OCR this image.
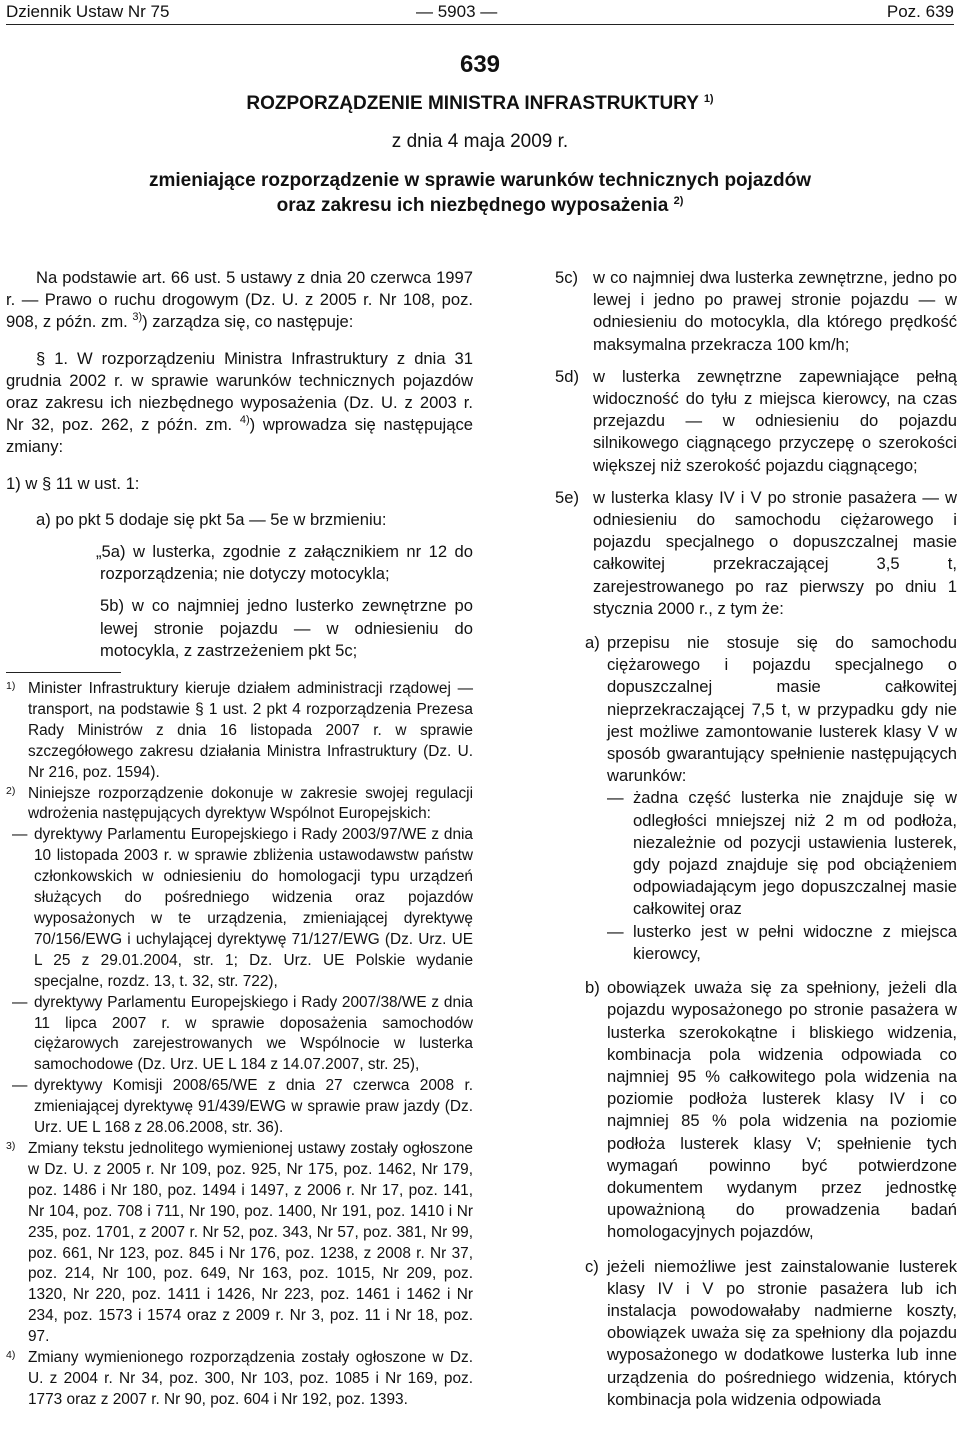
Dziennik Ustaw Nr 75	— 5903 —	Poz. 639
639
ROZPORZĄDZENIE MINISTRA INFRASTRUKTURY $^{1)}$
z dnia 4 maja 2009 r.
zmieniające rozporządzenie w sprawie warunków technicznych pojazdów
oraz zakresu ich niezbędnego wyposażenia $^{2)}$

Na podstawie art. 66 ust. 5 ustawy z dnia 20 czerwca 1997 r. — Prawo o ruchu drogowym (Dz. U. z 2005 r. Nr 108, poz. 908, z późn. zm. $^{3)}$) zarządza się, co następuje:

§ 1. W rozporządzeniu Ministra Infrastruktury z dnia 31 grudnia 2002 r. w sprawie warunków technicznych pojazdów oraz zakresu ich niezbędnego wyposażenia (Dz. U. z 2003 r. Nr 32, poz. 262, z późn. zm. $^{4)}$) wprowadza się następujące zmiany:

1) w § 11 w ust. 1:

a) po pkt 5 dodaje się pkt 5a — 5e w brzmieniu:

„5a) w lusterka, zgodnie z załącznikiem nr 12 do rozporządzenia; nie dotyczy motocykla;

5b) w co najmniej jedno lusterko zewnętrzne po lewej stronie pojazdu — w odniesieniu do motocykla, z zastrzeżeniem pkt 5c;

1) Minister Infrastruktury kieruje działem administracji rządowej — transport, na podstawie § 1 ust. 2 pkt 4 rozporządzenia Prezesa Rady Ministrów z dnia 16 listopada 2007 r. w sprawie szczegółowego zakresu działania Ministra Infrastruktury (Dz. U. Nr 216, poz. 1594).
2) Niniejsze rozporządzenie dokonuje w zakresie swojej regulacji wdrożenia następujących dyrektyw Wspólnot Europejskich:
— dyrektywy Parlamentu Europejskiego i Rady 2003/97/WE z dnia 10 listopada 2003 r. w sprawie zbliżenia ustawodawstw państw członkowskich w odniesieniu do homologacji typu urządzeń służących do pośredniego widzenia oraz pojazdów wyposażonych w te urządzenia, zmieniającej dyrektywę 70/156/EWG i uchylającej dyrektywę 71/127/EWG (Dz. Urz. UE L 25 z 29.01.2004, str. 1; Dz. Urz. UE Polskie wydanie specjalne, rozdz. 13, t. 32, str. 722),
— dyrektywy Parlamentu Europejskiego i Rady 2007/38/WE z dnia 11 lipca 2007 r. w sprawie doposażenia samochodów ciężarowych zarejestrowanych we Wspólnocie w lusterka samochodowe (Dz. Urz. UE L 184 z 14.07.2007, str. 25),
— dyrektywy Komisji 2008/65/WE z dnia 27 czerwca 2008 r. zmieniającej dyrektywę 91/439/EWG w sprawie praw jazdy (Dz. Urz. UE L 168 z 28.06.2008, str. 36).
3) Zmiany tekstu jednolitego wymienionej ustawy zostały ogłoszone w Dz. U. z 2005 r. Nr 109, poz. 925, Nr 175, poz. 1462, Nr 179, poz. 1486 i Nr 180, poz. 1494 i 1497, z 2006 r. Nr 17, poz. 141, Nr 104, poz. 708 i 711, Nr 190, poz. 1400, Nr 191, poz. 1410 i Nr 235, poz. 1701, z 2007 r. Nr 52, poz. 343, Nr 57, poz. 381, Nr 99, poz. 661, Nr 123, poz. 845 i Nr 176, poz. 1238, z 2008 r. Nr 37, poz. 214, Nr 100, poz. 649, Nr 163, poz. 1015, Nr 209, poz. 1320, Nr 220, poz. 1411 i 1426, Nr 223, poz. 1461 i 1462 i Nr 234, poz. 1573 i 1574 oraz z 2009 r. Nr 3, poz. 11 i Nr 18, poz. 97.
4) Zmiany wymienionego rozporządzenia zostały ogłoszone w Dz. U. z 2004 r. Nr 34, poz. 300, Nr 103, poz. 1085 i Nr 169, poz. 1773 oraz z 2007 r. Nr 90, poz. 604 i Nr 192, poz. 1393.
5c) w co najmniej dwa lusterka zewnętrzne, jedno po lewej i jedno po prawej stronie pojazdu — w odniesieniu do motocykla, dla którego prędkość maksymalna przekracza 100 km/h;
5d) w lusterka zewnętrzne zapewniające pełną widoczność do tyłu z miejsca kierowcy, na czas przejazdu — w odniesieniu do pojazdu silnikowego ciągnącego przyczepę o szerokości większej niż szerokość pojazdu ciągnącego;
5e) w lusterka klasy IV i V po stronie pasażera — w odniesieniu do samochodu ciężarowego i pojazdu specjalnego o dopuszczalnej masie całkowitej przekraczającej 3,5 t, zarejestrowanego po raz pierwszy po dniu 1 stycznia 2000 r., z tym że:
a) przepisu nie stosuje się do samochodu ciężarowego i pojazdu specjalnego o dopuszczalnej masie całkowitej nieprzekraczającej 7,5 t, w przypadku gdy nie jest możliwe zamontowanie lusterek klasy V w sposób gwarantujący spełnienie następujących warunków:
— żadna część lusterka nie znajduje się w odległości mniejszej niż 2 m od podłoża, niezależnie od pozycji ustawienia lusterek, gdy pojazd znajduje się pod obciążeniem odpowiadającym jego dopuszczalnej masie całkowitej oraz
— lusterko jest w pełni widoczne z miejsca kierowcy,
b) obowiązek uważa się za spełniony, jeżeli dla pojazdu wyposażonego po stronie pasażera w lusterka szerokokątne i bliskiego widzenia, kombinacja pola widzenia odpowiada co najmniej 95 % całkowitego pola widzenia na poziomie podłoża lusterek klasy IV i co najmniej 85 % pola widzenia na poziomie podłoża lusterek klasy V; spełnienie tych wymagań powinno być potwierdzone dokumentem wydanym przez jednostkę upoważnioną do prowadzenia badań homologacyjnych pojazdów,
c) jeżeli niemożliwe jest zainstalowanie lusterek klasy IV i V po stronie pasażera lub ich instalacja powodowałaby nadmierne koszty, obowiązek uważa się za spełniony dla pojazdu wyposażonego w dodatkowe lusterka lub inne urządzenia do pośredniego widzenia, których kombinacja pola widzenia odpowiada
